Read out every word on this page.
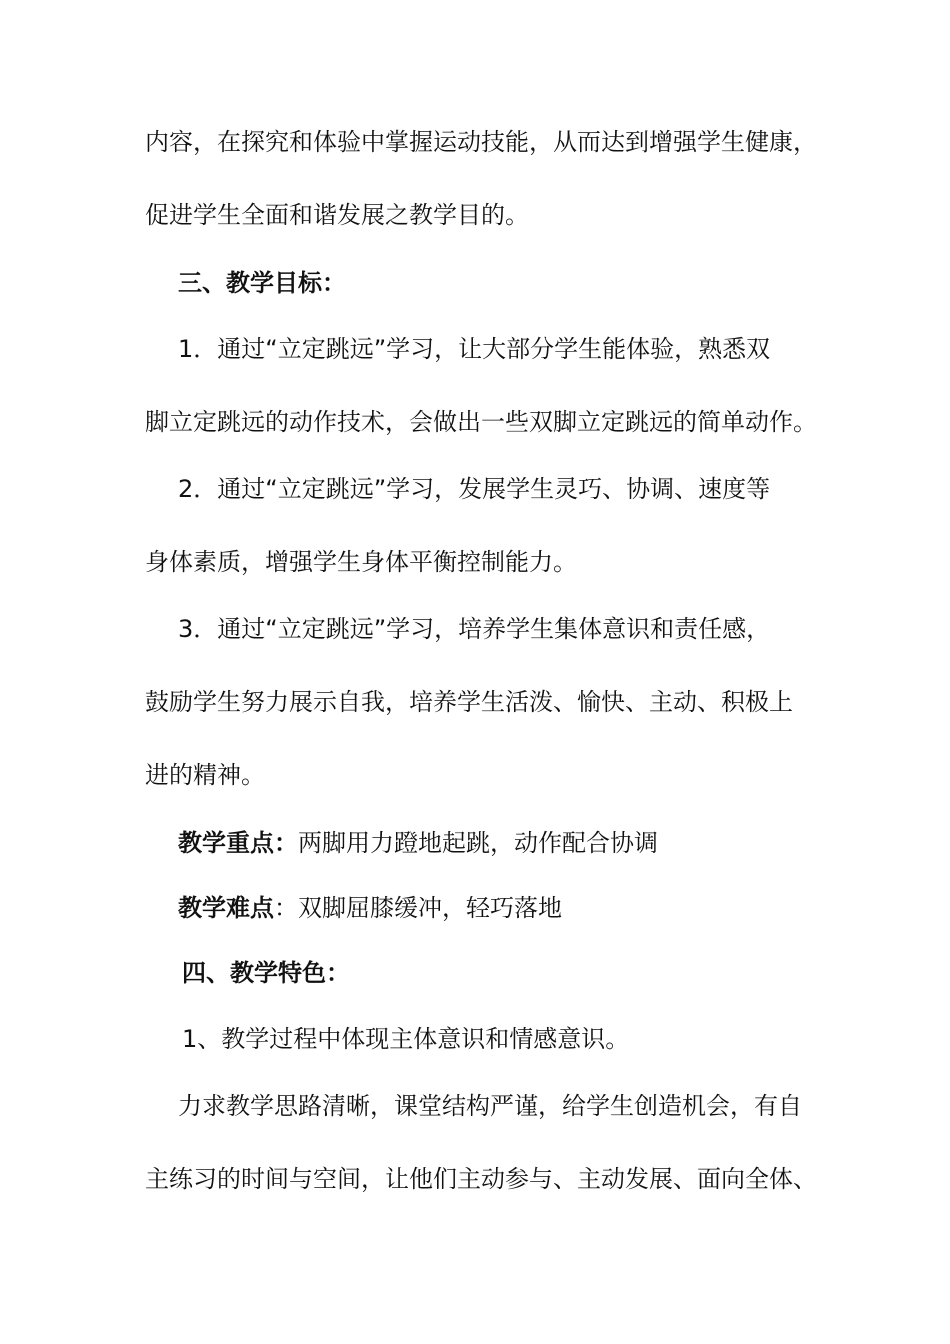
内容，在探究和体验中掌握运动技能，从而达到增强学生健康，
促进学生全面和谐发展之教学目的。
三、教学目标：
1．通过“立定跳远”学习，让大部分学生能体验，熟悉双
脚立定跳远的动作技术，会做出一些双脚立定跳远的简单动作。
2．通过“立定跳远”学习，发展学生灵巧、协调、速度等
身体素质，增强学生身体平衡控制能力。
3．通过“立定跳远”学习，培养学生集体意识和责任感，
鼓励学生努力展示自我，培养学生活泼、愉快、主动、积极上
进的精神。
教学重点：两脚用力蹬地起跳，动作配合协调
教学难点：双脚屈膝缓冲，轻巧落地
四、教学特色：
1、教学过程中体现主体意识和情感意识。
力求教学思路清晰，课堂结构严谨，给学生创造机会，有自
主练习的时间与空间，让他们主动参与、主动发展、面向全体、
